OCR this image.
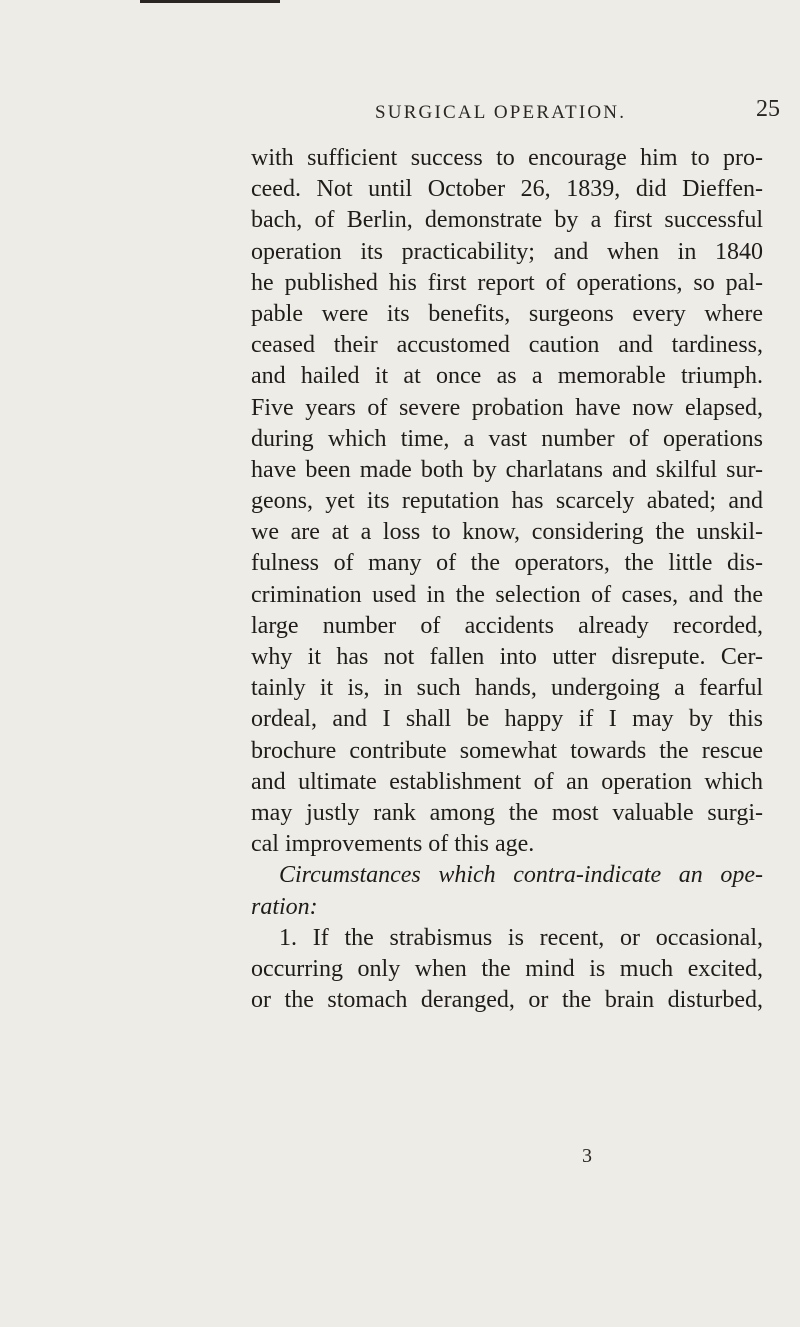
SURGICAL OPERATION.	25
with sufficient success to encourage him to pro-
ceed. Not until October 26, 1839, did Dieffen-
bach, of Berlin, demonstrate by a first successful
operation its practicability; and when in 1840
he published his first report of operations, so pal-
pable were its benefits, surgeons every where
ceased their accustomed caution and tardiness,
and hailed it at once as a memorable triumph.
Five years of severe probation have now elapsed,
during which time, a vast number of operations
have been made both by charlatans and skilful sur-
geons, yet its reputation has scarcely abated; and
we are at a loss to know, considering the unskil-
fulness of many of the operators, the little dis-
crimination used in the selection of cases, and the
large number of accidents already recorded,
why it has not fallen into utter disrepute. Cer-
tainly it is, in such hands, undergoing a fearful
ordeal, and I shall be happy if I may by this
brochure contribute somewhat towards the rescue
and ultimate establishment of an operation which
may justly rank among the most valuable surgi-
cal improvements of this age.
Circumstances which contra-indicate an ope-
ration:
1. If the strabismus is recent, or occasional,
occurring only when the mind is much excited,
or the stomach deranged, or the brain disturbed,
3
